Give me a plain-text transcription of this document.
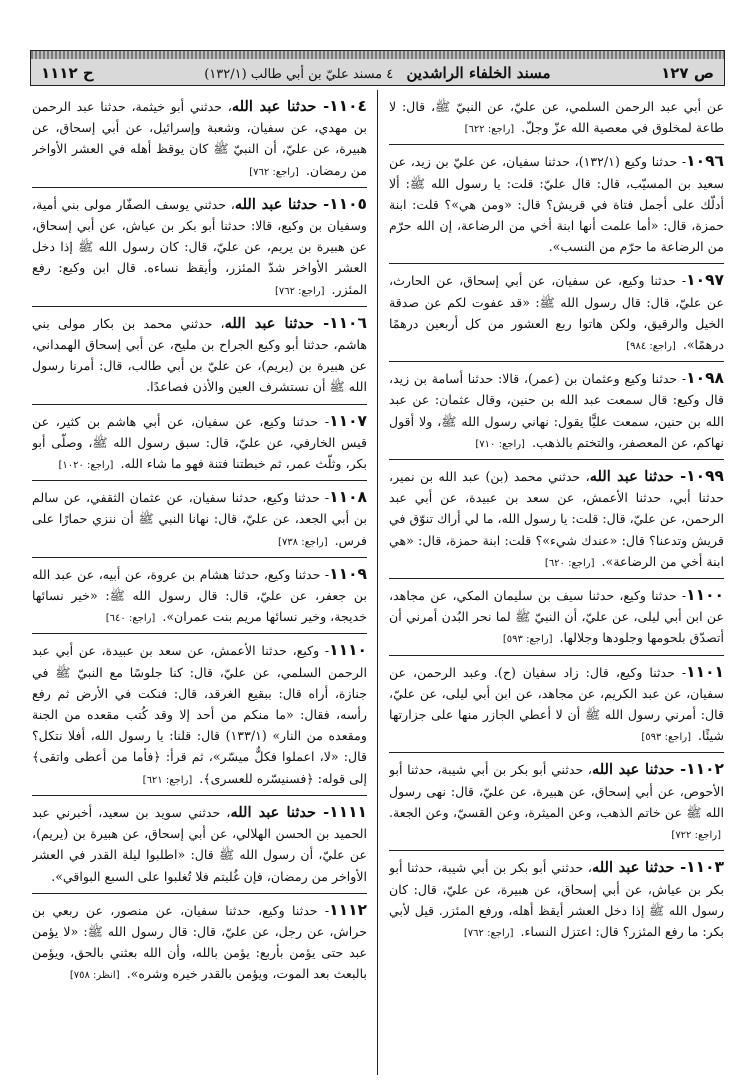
ص ١٢٧
مسند الخلفاء الراشدين ٤ مسند عليّ بن أبي طالب (١٣٢/١)
ح ١١١٢
عن أبي عبد الرحمن السلمي، عن عليّ، عن النبيّ ﷺ، قال: لا طاعة لمخلوق في معصية الله عزّ وجلّ. [راجع: ٦٢٢]
١٠٩٦- حدثنا وكيع (١٣٢/١)، حدثنا سفيان، عن عليّ بن زيد، عن سعيد بن المسيّب، قال: قال عليّ: قلت: يا رسول الله ﷺ: ألا أدلّك على أجمل فتاة في قريش؟ قال: «ومن هي»؟ قلت: ابنة حمزة، قال: «أما علمت أنها ابنة أخي من الرضاعة، إن الله حرّم من الرضاعة ما حرّم من النسب».
١٠٩٧- حدثنا وكيع، عن سفيان، عن أبي إسحاق، عن الحارث، عن عليّ، قال: قال رسول الله ﷺ: «قد عفوت لكم عن صدقة الخيل والرقيق، ولكن هاتوا ربع العشور من كل أربعين درهمًا درهمًا». [راجع: ٩٨٤]
١٠٩٨- حدثنا وكيع وعثمان بن (عمر)، قالا: حدثنا أسامة بن زيد، قال وكيع: قال سمعت عبد الله بن حنين، وقال عثمان: عن عبد الله بن حنين، سمعت عليًّا يقول: نهاني رسول الله ﷺ، ولا أقول نهاكم، عن المعصفر، والتختم بالذهب. [راجع: ٧١٠]
١٠٩٩- حدثنا عبد الله، حدثني محمد (بن) عبد الله بن نمير، حدثنا أبي، حدثنا الأعمش، عن سعد بن عبيدة، عن أبي عبد الرحمن، عن عليّ، قال: قلت: يا رسول الله، ما لي أراك تنوّق في قريش وتدعنا؟ قال: «عندك شيء»؟ قلت: ابنة حمزة، قال: «هي ابنة أخي من الرضاعة». [راجع: ٦٢٠]
١١٠٠- حدثنا وكيع، حدثنا سيف بن سليمان المكي، عن مجاهد، عن ابن أبي ليلى، عن عليّ، أن النبيّ ﷺ لما نحر البُدن أمرني أن أتصدّق بلحومها وجلودها وجلالها. [راجع: ٥٩٣]
١١٠١- حدثنا وكيع، قال: زاد سفيان (ح). وعبد الرحمن، عن سفيان، عن عبد الكريم، عن مجاهد، عن ابن أبي ليلى، عن عليّ، قال: أمرني رسول الله ﷺ أن لا أعطي الجازر منها على جزارتها شيئًا. [راجع: ٥٩٣]
١١٠٢- حدثنا عبد الله، حدثني أبو بكر بن أبي شيبة، حدثنا أبو الأحوص، عن أبي إسحاق، عن هبيرة، عن عليّ، قال: نهى رسول الله ﷺ عن خاتم الذهب، وعن الميثرة، وعن القسيّ، وعن الجعة. [راجع: ٧٢٢]
١١٠٣- حدثنا عبد الله، حدثني أبو بكر بن أبي شيبة، حدثنا أبو بكر بن عياش، عن أبي إسحاق، عن هبيرة، عن عليّ، قال: كان رسول الله ﷺ إذا دخل العشر أيقظ أهله، ورفع المئزر. قيل لأبي بكر: ما رفع المئزر؟ قال: اعتزل النساء. [راجع: ٧٦٢]
١١٠٤- حدثنا عبد الله، حدثني أبو خيثمة، حدثنا عبد الرحمن بن مهدي، عن سفيان، وشعبة وإسرائيل، عن أبي إسحاق، عن هبيرة، عن عليّ، أن النبيّ ﷺ كان يوقظ أهله في العشر الأواخر من رمضان. [راجع: ٧٦٢]
١١٠٥- حدثنا عبد الله، حدثني يوسف الصفّار مولى بني أمية، وسفيان بن وكيع، قالا: حدثنا أبو بكر بن عياش، عن أبي إسحاق، عن هبيرة بن يريم، عن عليّ، قال: كان رسول الله ﷺ إذا دخل العشر الأواخر شدّ المئزر، وأيقظ نساءه. قال ابن وكيع: رفع المئزر. [راجع: ٧٦٢]
١١٠٦- حدثنا عبد الله، حدثني محمد بن بكار مولى بني هاشم، حدثنا أبو وكيع الجراح بن مليح، عن أبي إسحاق الهمداني، عن هبيرة بن (يريم)، عن عليّ بن أبي طالب، قال: أمرنا رسول الله ﷺ أن نستشرف العين والأذن فصاعدًا.
١١٠٧- حدثنا وكيع، عن سفيان، عن أبي هاشم بن كثير، عن قيس الخارفي، عن عليّ، قال: سبق رسول الله ﷺ، وصلّى أبو بكر، وثلّث عمر، ثم خبطتنا فتنة فهو ما شاء الله. [راجع: ١٠٢٠]
١١٠٨- حدثنا وكيع، حدثنا سفيان، عن عثمان الثقفي، عن سالم بن أبي الجعد، عن عليّ، قال: نهانا النبي ﷺ أن ننزي حمارًا على فرس. [راجع: ٧٣٨]
١١٠٩- حدثنا وكيع، حدثنا هشام بن عروة، عن أبيه، عن عبد الله بن جعفر، عن عليّ، قال: قال رسول الله ﷺ: «خير نسائها خديجة، وخير نسائها مريم بنت عمران». [راجع: ٦٤٠]
١١١٠- وكيع، حدثنا الأعمش، عن سعد بن عبيدة، عن أبي عبد الرحمن السلمي، عن عليّ، قال: كنا جلوسًا مع النبيّ ﷺ في جنازة، أراه قال: ببقيع الغرقد، قال: فنكت في الأرض ثم رفع رأسه، فقال: «ما منكم من أحد إلا وقد كُتب مقعده من الجنة ومقعده من النار» (١٣٣/١) قال: قلنا: يا رسول الله، أفلا نتكل؟ قال: «لا، اعملوا فكلٌّ ميسّر»، ثم قرأ: ﴿فأما من أعطى واتقى﴾ إلى قوله: ﴿فسنيسّره للعسرى﴾. [راجع: ٦٢١]
١١١١- حدثنا عبد الله، حدثني سويد بن سعيد، أخبرني عبد الحميد بن الحسن الهلالي، عن أبي إسحاق، عن هبيرة بن (يريم)، عن عليّ، أن رسول الله ﷺ قال: «اطلبوا ليلة القدر في العشر الأواخر من رمضان، فإن غُلبتم فلا تُغلبوا على السبع البواقي».
١١١٢- حدثنا وكيع، حدثنا سفيان، عن منصور، عن ربعي بن حراش، عن رجل، عن عليّ، قال: قال رسول الله ﷺ: «لا يؤمن عبد حتى يؤمن بأربع: يؤمن بالله، وأن الله بعثني بالحق، ويؤمن بالبعث بعد الموت، ويؤمن بالقدر خيره وشره». [انظر: ٧٥٨]
